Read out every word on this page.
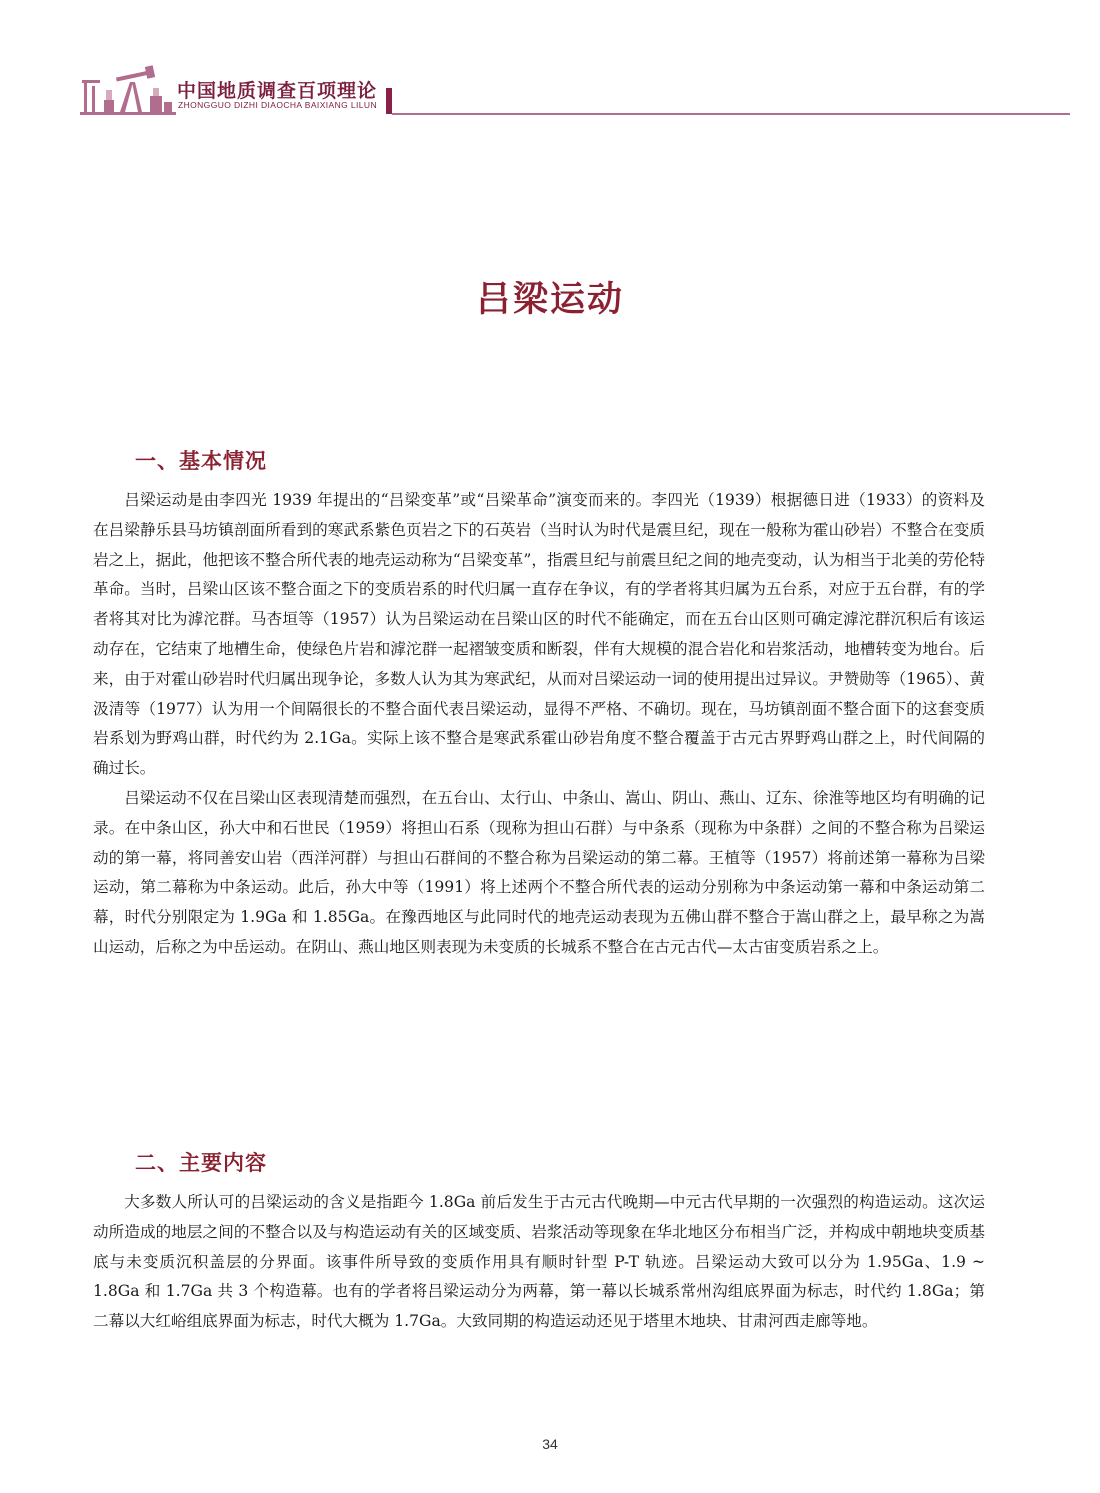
中国地质调查百项理论
ZHONGGUO DIZHI DIAOCHA BAIXIANG LILUN
吕梁运动
一、基本情况

吕梁运动是由李四光 1939 年提出的“吕梁变革”或“吕梁革命”演变而来的。李四光（1939）根据德日进（1933）的资料及在吕梁静乐县马坊镇剖面所看到的寒武系紫色页岩之下的石英岩（当时认为时代是震旦纪，现在一般称为霍山砂岩）不整合在变质岩之上，据此，他把该不整合所代表的地壳运动称为“吕梁变革”，指震旦纪与前震旦纪之间的地壳变动，认为相当于北美的劳伦特革命。当时，吕梁山区该不整合面之下的变质岩系的时代归属一直存在争议，有的学者将其归属为五台系，对应于五台群，有的学者将其对比为滹沱群。马杏垣等（1957）认为吕梁运动在吕梁山区的时代不能确定，而在五台山区则可确定滹沱群沉积后有该运动存在，它结束了地槽生命，使绿色片岩和滹沱群一起褶皱变质和断裂，伴有大规模的混合岩化和岩浆活动，地槽转变为地台。后来，由于对霍山砂岩时代归属出现争论，多数人认为其为寒武纪，从而对吕梁运动一词的使用提出过异议。尹赞勋等（1965）、黄汲清等（1977）认为用一个间隔很长的不整合面代表吕梁运动，显得不严格、不确切。现在，马坊镇剖面不整合面下的这套变质岩系划为野鸡山群，时代约为 2.1Ga。实际上该不整合是寒武系霍山砂岩角度不整合覆盖于古元古界野鸡山群之上，时代间隔的确过长。

吕梁运动不仅在吕梁山区表现清楚而强烈，在五台山、太行山、中条山、嵩山、阴山、燕山、辽东、徐淮等地区均有明确的记录。在中条山区，孙大中和石世民（1959）将担山石系（现称为担山石群）与中条系（现称为中条群）之间的不整合称为吕梁运动的第一幕，将同善安山岩（西洋河群）与担山石群间的不整合称为吕梁运动的第二幕。王植等（1957）将前述第一幕称为吕梁运动，第二幕称为中条运动。此后，孙大中等（1991）将上述两个不整合所代表的运动分别称为中条运动第一幕和中条运动第二幕，时代分别限定为 1.9Ga 和 1.85Ga。在豫西地区与此同时代的地壳运动表现为五佛山群不整合于嵩山群之上，最早称之为嵩山运动，后称之为中岳运动。在阴山、燕山地区则表现为未变质的长城系不整合在古元古代—太古宙变质岩系之上。

二、主要内容

大多数人所认可的吕梁运动的含义是指距今 1.8Ga 前后发生于古元古代晚期—中元古代早期的一次强烈的构造运动。这次运动所造成的地层之间的不整合以及与构造运动有关的区域变质、岩浆活动等现象在华北地区分布相当广泛，并构成中朝地块变质基底与未变质沉积盖层的分界面。该事件所导致的变质作用具有顺时针型 P-T 轨迹。吕梁运动大致可以分为 1.95Ga、1.9 ~ 1.8Ga 和 1.7Ga 共 3 个构造幕。也有的学者将吕梁运动分为两幕，第一幕以长城系常州沟组底界面为标志，时代约 1.8Ga；第二幕以大红峪组底界面为标志，时代大概为 1.7Ga。大致同期的构造运动还见于塔里木地块、甘肃河西走廊等地。

34
